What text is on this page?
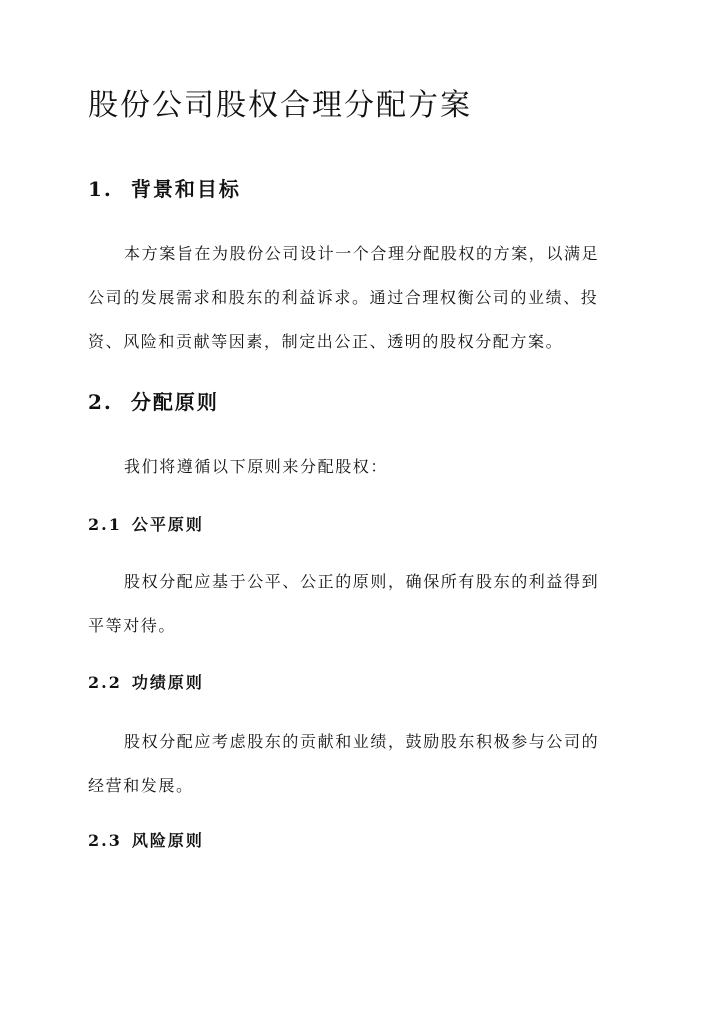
股份公司股权合理分配方案
1. 背景和目标
本方案旨在为股份公司设计一个合理分配股权的方案，以满足
公司的发展需求和股东的利益诉求。通过合理权衡公司的业绩、投
资、风险和贡献等因素，制定出公正、透明的股权分配方案。
2. 分配原则
我们将遵循以下原则来分配股权：
2.1 公平原则
股权分配应基于公平、公正的原则，确保所有股东的利益得到
平等对待。
2.2 功绩原则
股权分配应考虑股东的贡献和业绩，鼓励股东积极参与公司的
经营和发展。
2.3 风险原则
